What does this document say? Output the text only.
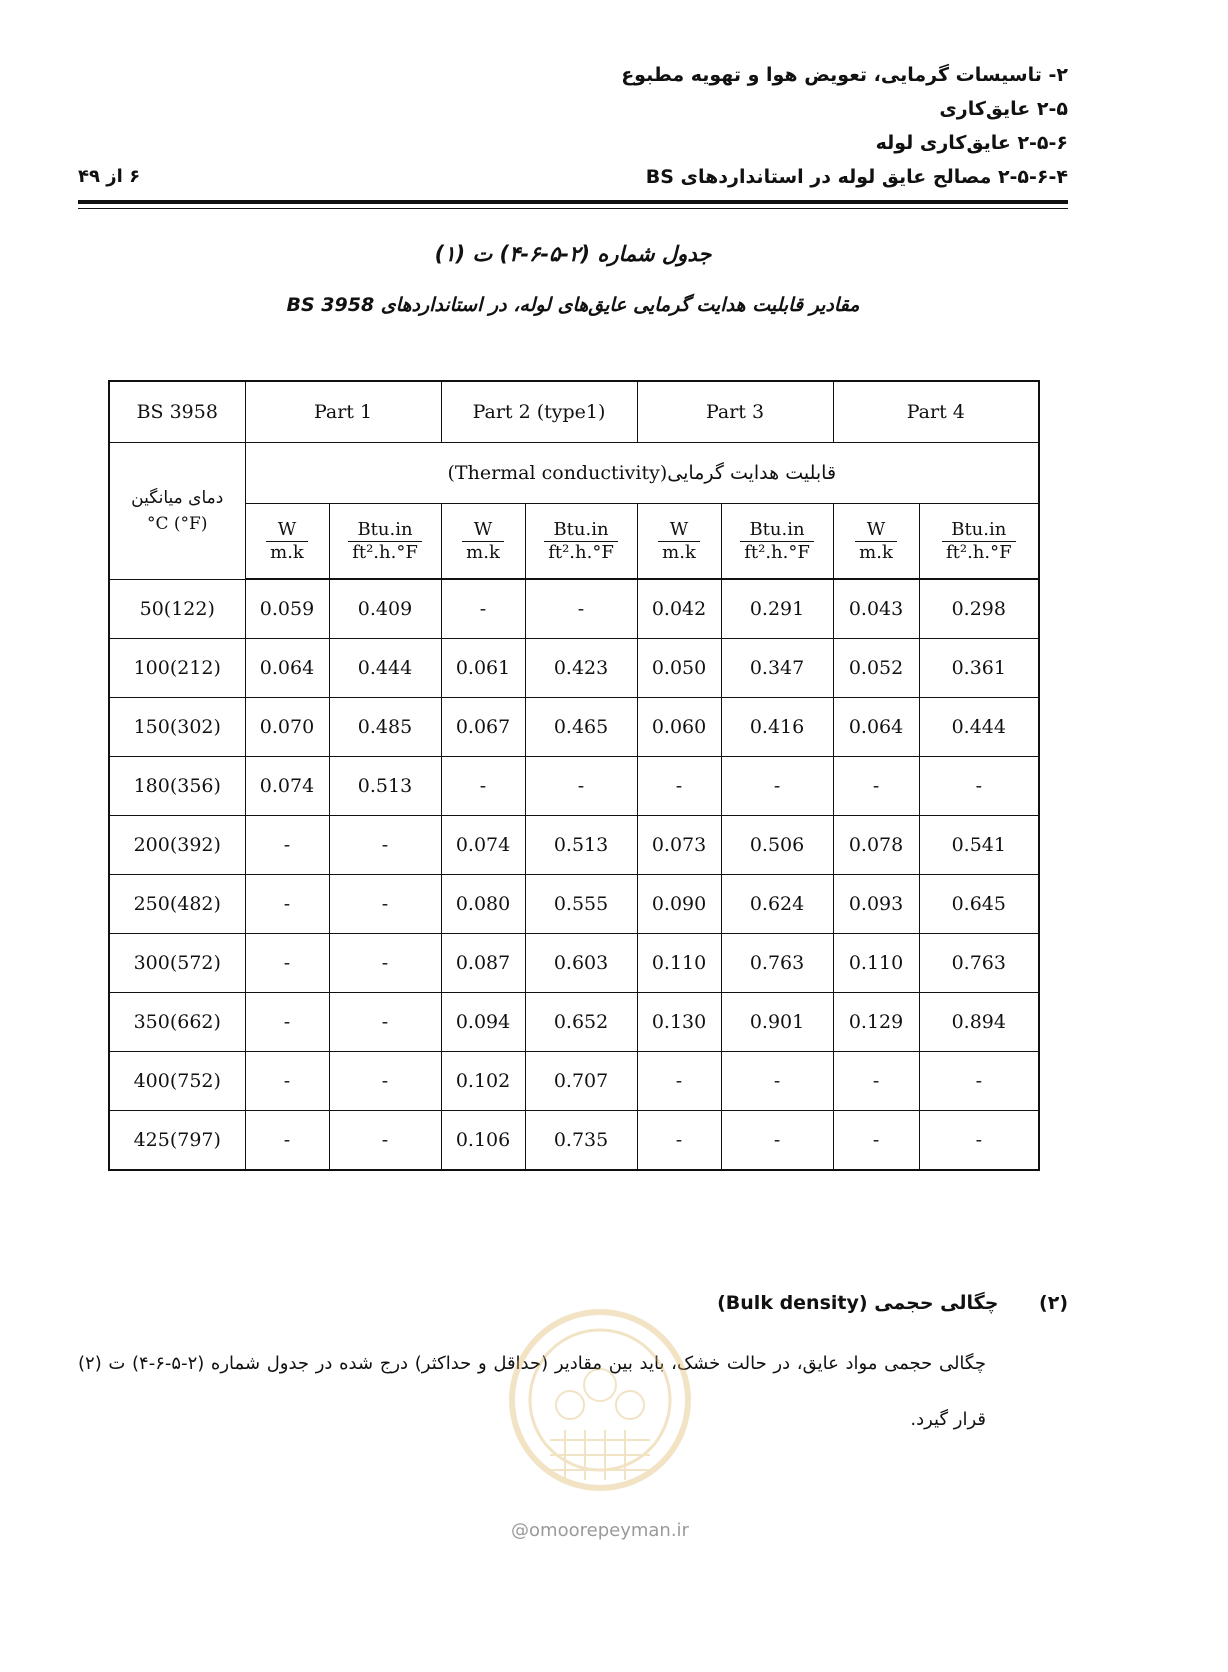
۲- تاسیسات گرمایی، تعویض هوا و تهویه مطبوع
۲-۵ عایق‌کاری
۲-۵-۶ عایق‌کاری لوله
۲-۵-۶-۴ مصالح عایق لوله در استانداردهای BS
۶ از ۴۹
جدول شماره (۲-۵-۶-۴) ت (۱)
مقادیر قابلیت هدایت گرمایی عایق‌های لوله، در استانداردهای BS 3958
BS 3958	Part 1		Part 2 (type1)		Part 3		Part 4	

دمای میانگین
°C (°F)	قابلیت هدایت گرمایی(Thermal conductivity)							

	$\frac{W}{m.k}$	$\frac{\text{Btu.in}}{\text{ft².h.°F}}$	$\frac{W}{m.k}$	$\frac{\text{Btu.in}}{\text{ft².h.°F}}$	$\frac{W}{m.k}$	$\frac{\text{Btu.in}}{\text{ft².h.°F}}$	$\frac{W}{m.k}$	$\frac{\text{Btu.in}}{\text{ft².h.°F}}$

50(122)	0.059	0.409	-	-	0.042	0.291	0.043	0.298
100(212)	0.064	0.444	0.061	0.423	0.050	0.347	0.052	0.361
150(302)	0.070	0.485	0.067	0.465	0.060	0.416	0.064	0.444
180(356)	0.074	0.513	-	-	-	-	-	-
200(392)	-	-	0.074	0.513	0.073	0.506	0.078	0.541
250(482)	-	-	0.080	0.555	0.090	0.624	0.093	0.645
300(572)	-	-	0.087	0.603	0.110	0.763	0.110	0.763
350(662)	-	-	0.094	0.652	0.130	0.901	0.129	0.894
400(752)	-	-	0.102	0.707	-	-	-	-
425(797)	-	-	0.106	0.735	-	-	-	-
(۲) چگالی حجمی (Bulk density)
چگالی حجمی مواد عایق، در حالت خشک، باید بین مقادیر (حداقل و حداکثر) درج شده در جدول شماره (۲-۵-۶-۴) ت (۲) قرار گیرد.
@omoorepeyman.ir
